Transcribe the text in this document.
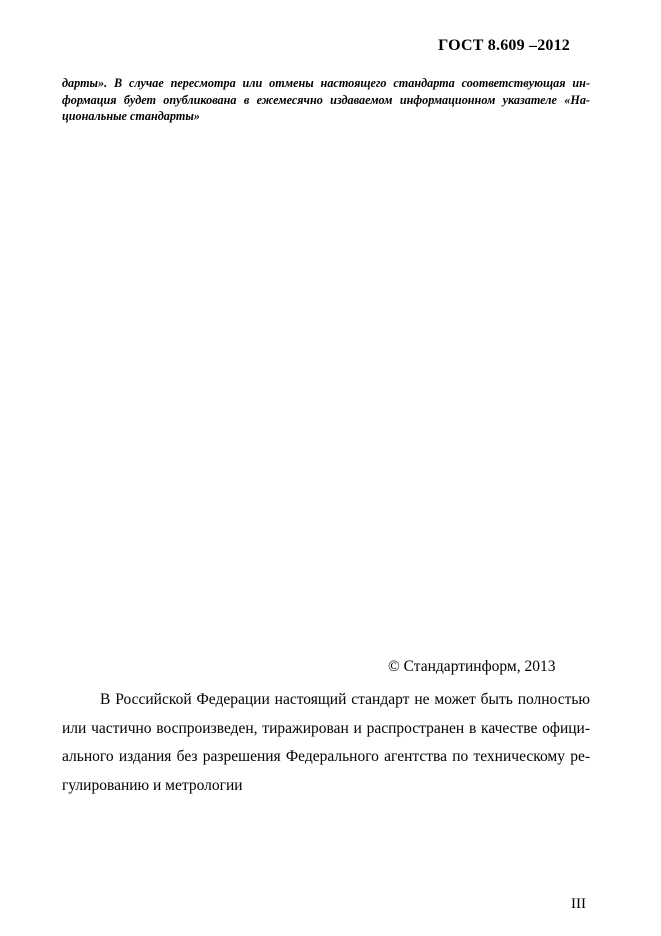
ГОСТ 8.609 –2012
дарты». В случае пересмотра или отмены настоящего стандарта соответствующая ин-
формация будет опубликована в ежемесячно издаваемом информационном указателе «На-
циональные стандарты»
© Стандартинформ, 2013
В Российской Федерации настоящий стандарт не может быть полностью
или частично воспроизведен, тиражирован и распространен в качестве офици-
ального издания без разрешения Федерального агентства по техническому ре-
гулированию и метрологии
III
